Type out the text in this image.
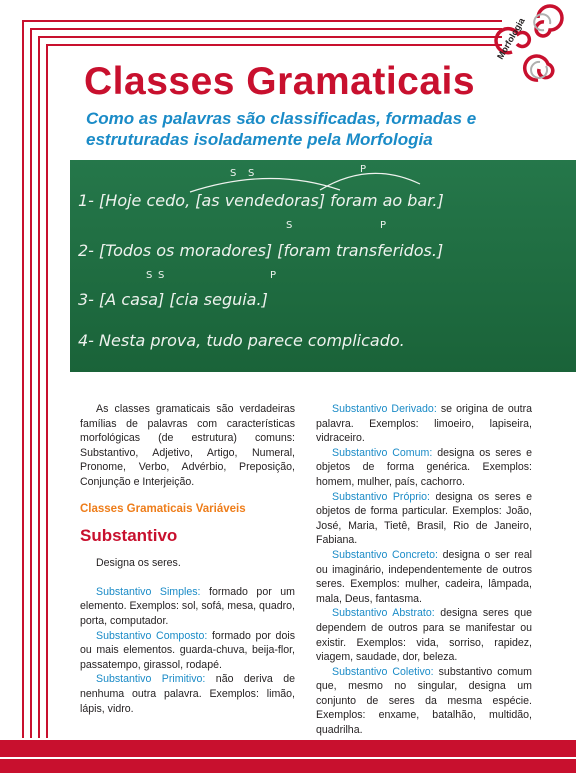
Morfologia
Classes Gramaticais
Como as palavras são classificadas, formadas e estruturadas isoladamente pela Morfologia
1- [Hoje cedo, [as vendedoras] foram ao bar.]
2- [Todos os moradores] [foram transferidos.]
3- [A casa] [cia seguia.]
4- Nesta prova, tudo parece complicado.
S S	P
S	P
S S	P

As classes gramaticais são verdadeiras famílias de palavras com características morfológicas (de estrutura) comuns: Substantivo, Adjetivo, Artigo, Numeral, Pronome, Verbo, Advérbio, Preposição, Conjunção e Interjeição.

Classes Gramaticais Variáveis

Substantivo

Designa os seres.

Substantivo Simples: formado por um elemento. Exemplos: sol, sofá, mesa, quadro, porta, computador.

Substantivo Composto: formado por dois ou mais elementos. guarda-chuva, beija-flor, passatempo, girassol, rodapé.

Substantivo Primitivo: não deriva de nenhuma outra palavra. Exemplos: limão, lápis, vidro.

Substantivo Derivado: se origina de outra palavra. Exemplos: limoeiro, lapiseira, vidraceiro.

Substantivo Comum: designa os seres e objetos de forma genérica. Exemplos: homem, mulher, país, cachorro.

Substantivo Próprio: designa os seres e objetos de forma particular. Exemplos: João, José, Maria, Tietê, Brasil, Rio de Janeiro, Fabiana.

Substantivo Concreto: designa o ser real ou imaginário, independentemente de outros seres. Exemplos: mulher, cadeira, lâmpada, mala, Deus, fantasma.

Substantivo Abstrato: designa seres que dependem de outros para se manifestar ou existir. Exemplos: vida, sorriso, rapidez, viagem, saudade, dor, beleza.

Substantivo Coletivo: substantivo comum que, mesmo no singular, designa um conjunto de seres da mesma espécie. Exemplos: enxame, batalhão, multidão, quadrilha.
